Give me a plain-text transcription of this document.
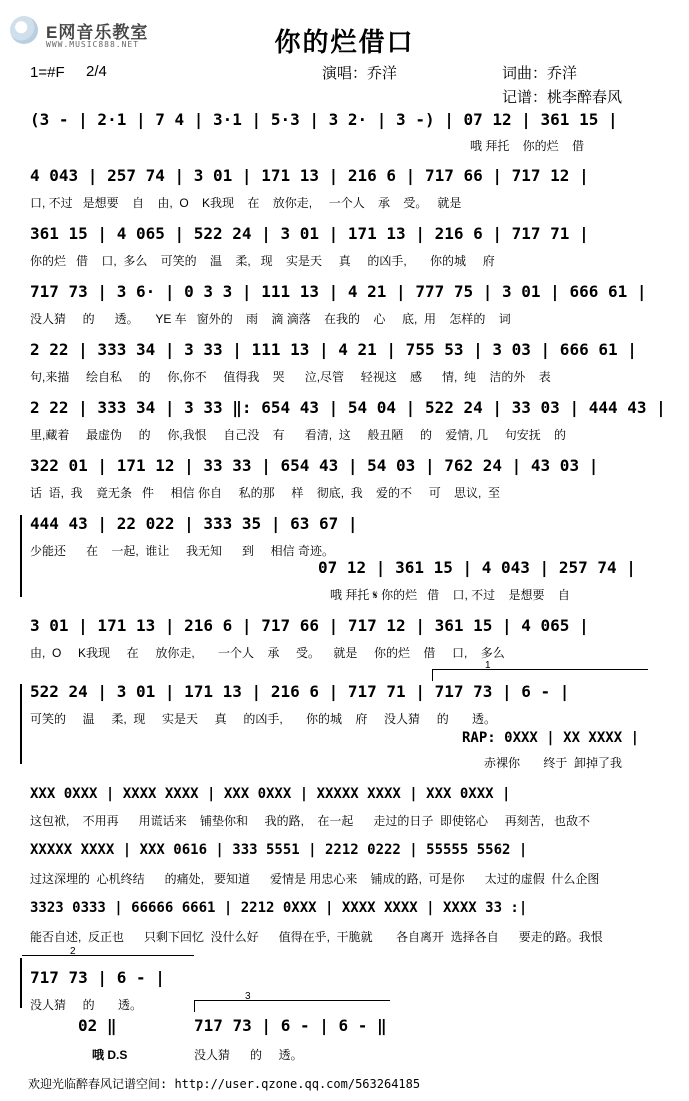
E网音乐教室
WWW.MUSIC888.NET	你的烂借口
1=#F 2/4	演唱：乔洋	词曲：乔洋
记谱：桃李醉春风
(3 - | 2·1 | 7 4 | 3·1 | 5·3 | 3 2· | 3 -) | 07 12 | 361 15 |
哦 拜托    你的烂    借
4 043 | 257 74 | 3 01 | 171 13 | 216 6 | 717 66 | 717 12 |
口, 不过   是想要    自    由,  O    K我现    在    放你走,     一个人    承    受。   就是
361 15 | 4 065 | 522 24 | 3 01 | 171 13 | 216 6 | 717 71 |
你的烂   借    口,  多么    可笑的    温    柔,   现    实是天     真     的凶手,       你的城     府
717 73 | 3 6· | 0 3 3 | 111 13 | 4 21 | 777 75 | 3 01 | 666 61 |
没人猜     的      透。     YE 车   窗外的    雨    滴 滴落    在我的    心     底,  用    怎样的    词
2 22 | 333 34 | 3 33 | 111 13 | 4 21 | 755 53 | 3 03 | 666 61 |
句,来描     绘自私     的     你,你不     值得我    哭      泣,尽管     轻视这    感      情,  纯    洁的外    表
2 22 | 333 34 | 3 33 ‖: 654 43 | 54 04 | 522 24 | 33 03 | 444 43 |
里,藏着     最虚伪     的     你,我恨     自己没    有      看清,  这     般丑陋     的    爱情, 几     句安抚    的
322 01 | 171 12 | 33 33 | 654 43 | 54 03 | 762 24 | 43 03 |
话  语,  我    竟无条   件     相信 你自     私的那     样    彻底,  我    爱的不     可    思议,  至
444 43 | 22 022 | 333 35 | 63 67 |
少能还      在    一起,  谁让     我无知      到     相信 奇迹。
07 12 | 361 15 | 4 043 | 257 74 |
哦 拜托 𝄋 你的烂   借    口, 不过    是想要    自
3 01 | 171 13 | 216 6 | 717 66 | 717 12 | 361 15 | 4 065 |
由,  O     K我现     在     放你走,       一个人    承     受。    就是     你的烂    借     口,    多么
1
522 24 | 3 01 | 171 13 | 216 6 | 717 71 | 717 73 | 6 - |
可笑的     温     柔,  现     实是天     真     的凶手,       你的城    府     没人猜     的       透。
RAP: 0XXX | XX XXXX |
赤裸你       终于  卸掉了我
XXX 0XXX | XXXX XXXX | XXX 0XXX | XXXXX XXXX | XXX 0XXX |
这包袱,    不用再      用谎话来    铺垫你和     我的路,    在一起      走过的日子  即使铭心     再刻苦,   也敌不
XXXXX XXXX | XXX 0616 | 333 5551 | 2212 0222 | 55555 5562 |
过这深埋的  心机终结      的痛处,   要知道      爱情是 用忠心来    铺成的路,  可是你      太过的虚假  什么企图
3323 0333 | 66666 6661 | 2212 0XXX | XXXX XXXX | XXXX 33 :|
能否自述,  反正也      只剩下回忆  没什么好      值得在乎,  干脆就       各自离开  选择各自      要走的路。我恨
2
717 73 | 6 - |
没人猜     的       透。
02 ‖
哦 D.S
3
717 73 | 6 - | 6 - ‖
没人猜      的     透。
欢迎光临醉春风记谱空间: http://user.qzone.qq.com/563264185
